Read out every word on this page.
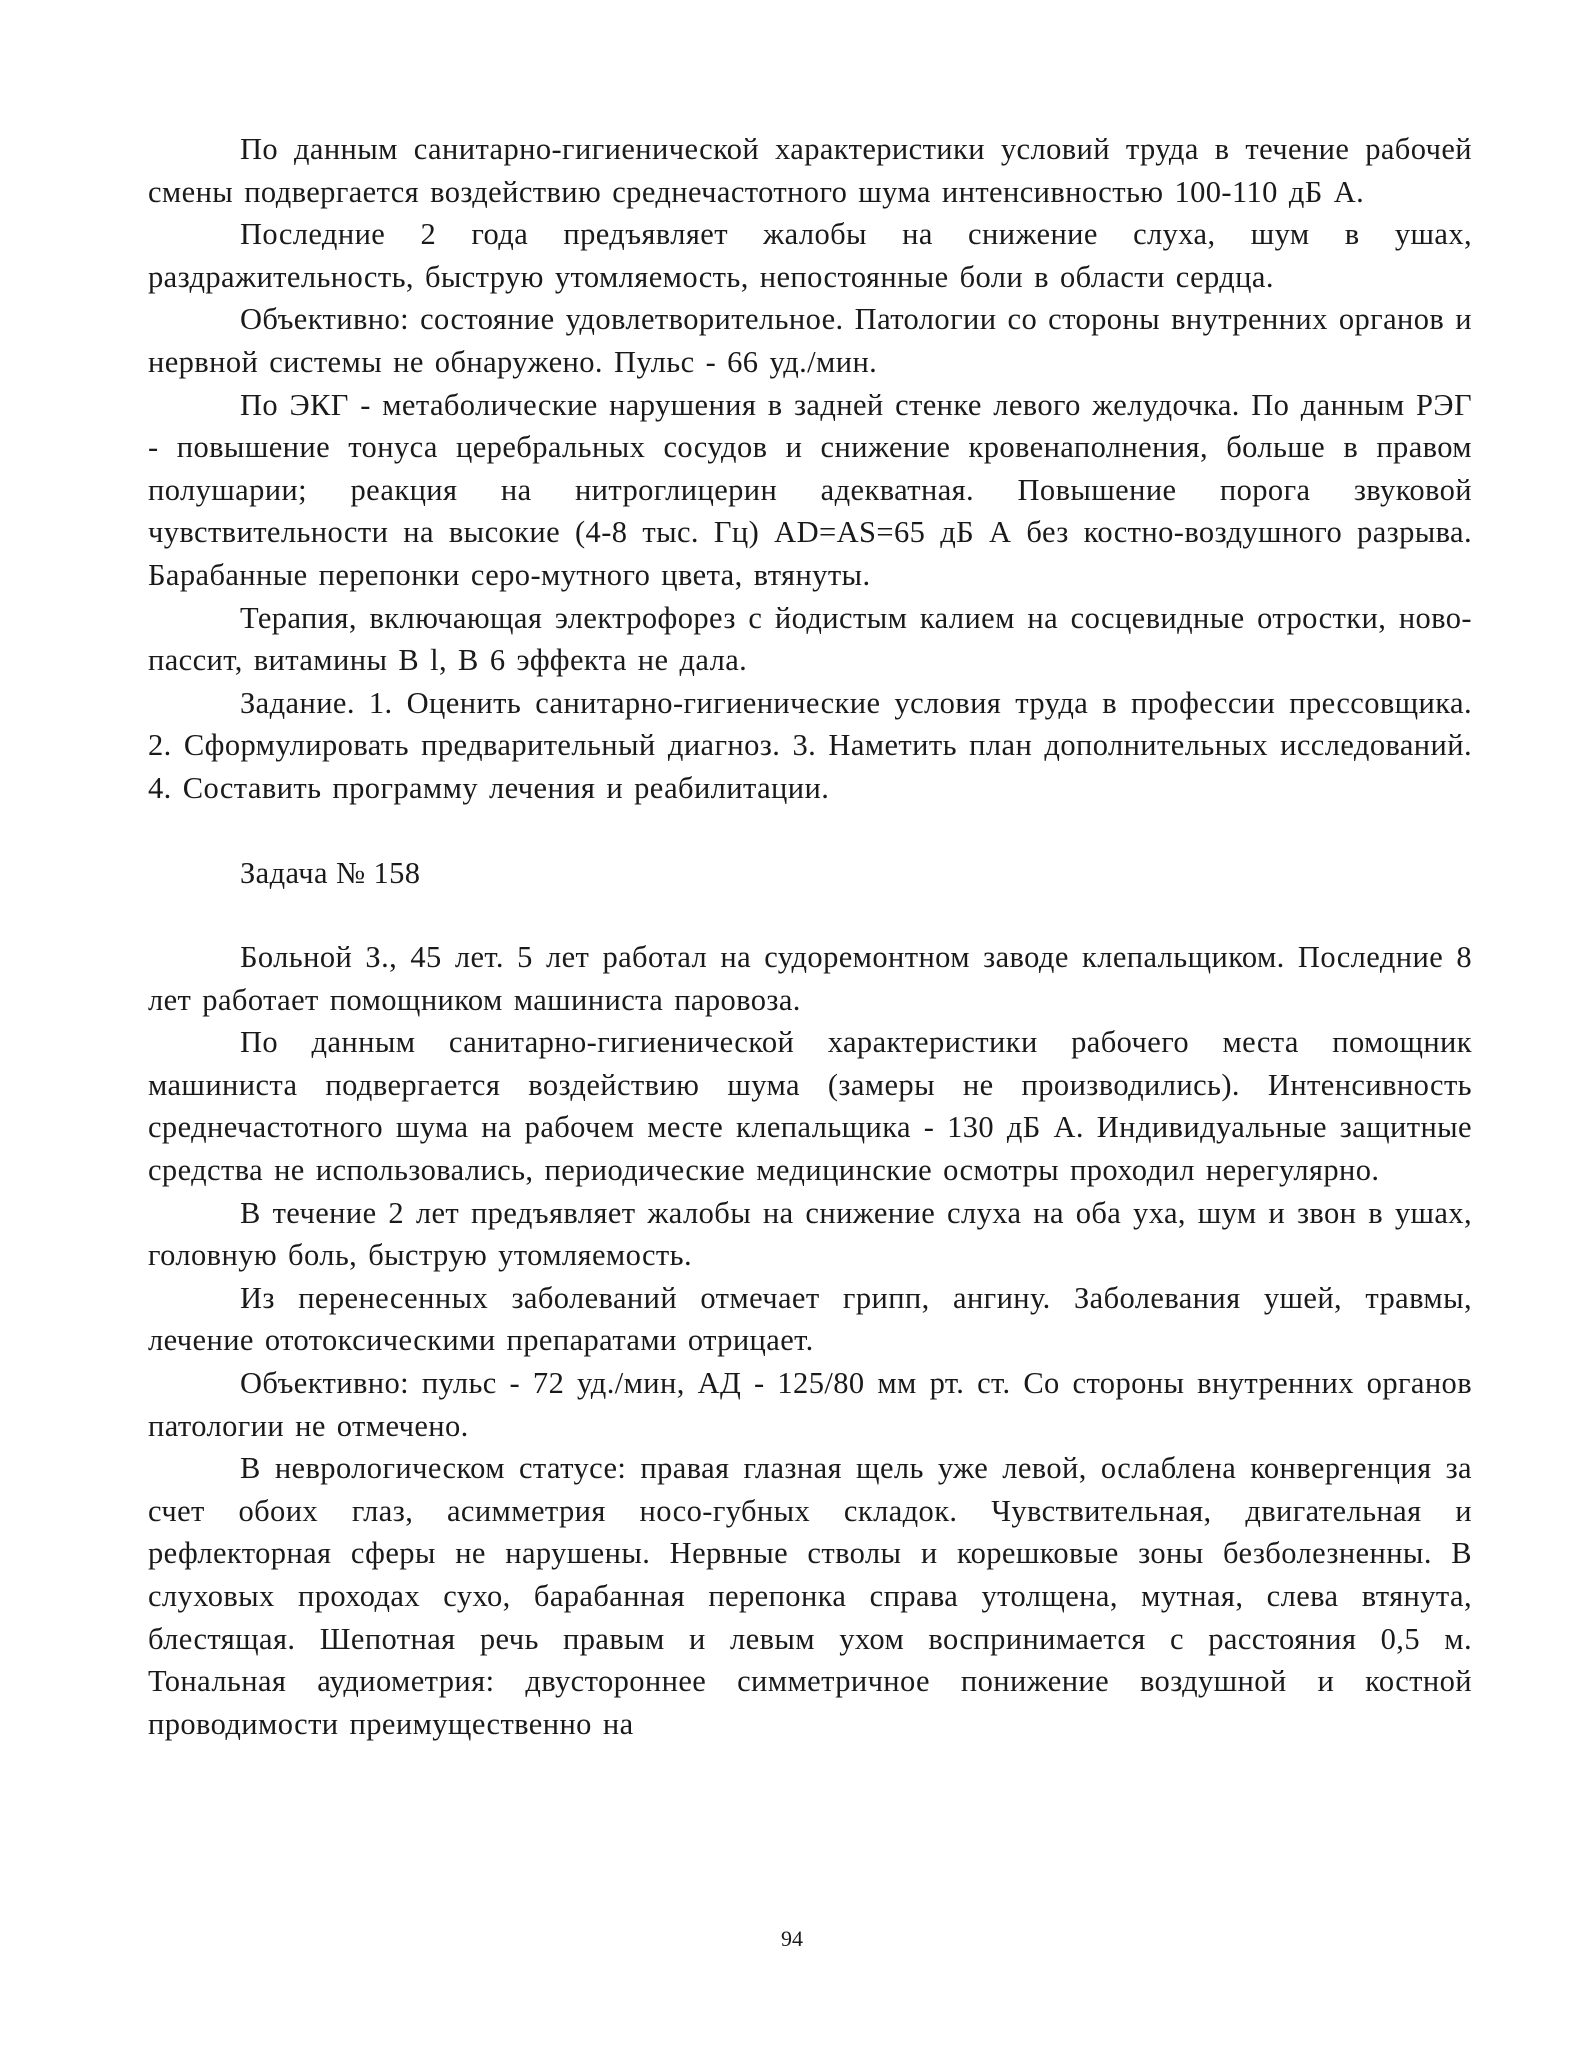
По данным санитарно-гигиенической характеристики условий труда в течение рабочей смены подвергается воздействию среднечастотного шума интенсивностью 100-110 дБ А.

Последние 2 года предъявляет жалобы на снижение слуха, шум в ушах, раздражительность, быструю утомляемость, непостоянные боли в области сердца.

Объективно: состояние удовлетворительное. Патологии со стороны внутренних органов и нервной системы не обнаружено. Пульс - 66 уд./мин.

По ЭКГ - метаболические нарушения в задней стенке левого желудочка. По данным РЭГ - повышение тонуса церебральных сосудов и снижение кровенаполнения, больше в правом полушарии; реакция на нитроглицерин адекватная. Повышение порога звуковой чувствительности на высокие (4-8 тыс. Гц) AD=AS=65 дБ А без костно-воздушного разрыва. Барабанные перепонки серо-мутного цвета, втянуты.

Терапия, включающая электрофорез с йодистым калием на сосцевидные отростки, ново-пассит, витамины В l, В 6 эффекта не дала.

Задание. 1. Оценить санитарно-гигиенические условия труда в профессии прессовщика. 2. Сформулировать предварительный диагноз. 3. Наметить план дополнительных исследований. 4. Составить программу лечения и реабилитации.

Задача № 158

Больной З., 45 лет. 5 лет работал на судоремонтном заводе клепальщиком. Последние 8 лет работает помощником машиниста паровоза.

По данным санитарно-гигиенической характеристики рабочего места помощник машиниста подвергается воздействию шума (замеры не производились). Интенсивность среднечастотного шума на рабочем месте клепальщика - 130 дБ А. Индивидуальные защитные средства не использовались, периодические медицинские осмотры проходил нерегулярно.

В течение 2 лет предъявляет жалобы на снижение слуха на оба уха, шум и звон в ушах, головную боль, быструю утомляемость.

Из перенесенных заболеваний отмечает грипп, ангину. Заболевания ушей, травмы, лечение ототоксическими препаратами отрицает.

Объективно: пульс - 72 уд./мин, АД - 125/80 мм рт. ст. Со стороны внутренних органов патологии не отмечено.

В неврологическом статусе: правая глазная щель уже левой, ослаблена конвергенция за счет обоих глаз, асимметрия носо-губных складок. Чувствительная, двигательная и рефлекторная сферы не нарушены. Нервные стволы и корешковые зоны безболезненны. В слуховых проходах сухо, барабанная перепонка справа утолщена, мутная, слева втянута, блестящая. Шепотная речь правым и левым ухом воспринимается с расстояния 0,5 м. Тональная аудиометрия: двустороннее симметричное понижение воздушной и костной проводимости преимущественно на

94
